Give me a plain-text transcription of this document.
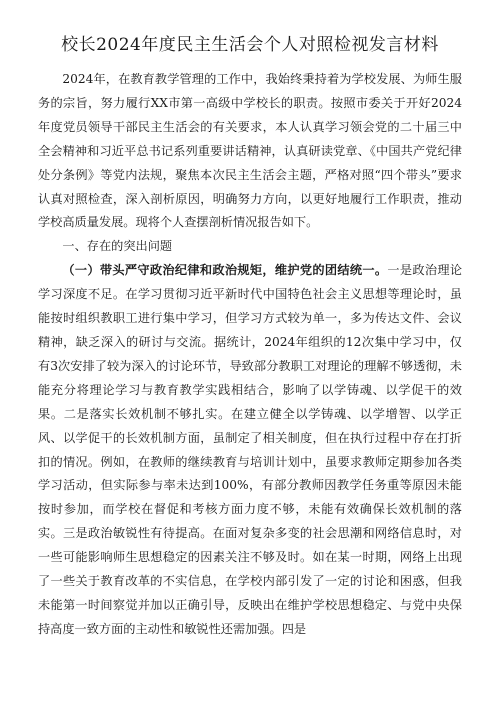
校长2024年度民主生活会个人对照检视发言材料

2024年，在教育教学管理的工作中，我始终秉持着为学校发展、为师生服务的宗旨，努力履行XX市第一高级中学校长的职责。按照市委关于开好2024年度党员领导干部民主生活会的有关要求，本人认真学习领会党的二十届三中全会精神和习近平总书记系列重要讲话精神，认真研读党章、《中国共产党纪律处分条例》等党内法规，聚焦本次民主生活会主题，严格对照“四个带头”要求认真对照检查，深入剖析原因，明确努力方向，以更好地履行工作职责，推动学校高质量发展。现将个人查摆剖析情况报告如下。

一、存在的突出问题

（一）带头严守政治纪律和政治规矩，维护党的团结统一。一是政治理论学习深度不足。在学习贯彻习近平新时代中国特色社会主义思想等理论时，虽能按时组织教职工进行集中学习，但学习方式较为单一，多为传达文件、会议精神，缺乏深入的研讨与交流。据统计，2024年组织的12次集中学习中，仅有3次安排了较为深入的讨论环节，导致部分教职工对理论的理解不够透彻，未能充分将理论学习与教育教学实践相结合，影响了以学铸魂、以学促干的效果。二是落实长效机制不够扎实。在建立健全以学铸魂、以学增智、以学正风、以学促干的长效机制方面，虽制定了相关制度，但在执行过程中存在打折扣的情况。例如，在教师的继续教育与培训计划中，虽要求教师定期参加各类学习活动，但实际参与率未达到100%，有部分教师因教学任务重等原因未能按时参加，而学校在督促和考核方面力度不够，未能有效确保长效机制的落实。三是政治敏锐性有待提高。在面对复杂多变的社会思潮和网络信息时，对一些可能影响师生思想稳定的因素关注不够及时。如在某一时期，网络上出现了一些关于教育改革的不实信息，在学校内部引发了一定的讨论和困惑，但我未能第一时间察觉并加以正确引导，反映出在维护学校思想稳定、与党中央保持高度一致方面的主动性和敏锐性还需加强。四是
